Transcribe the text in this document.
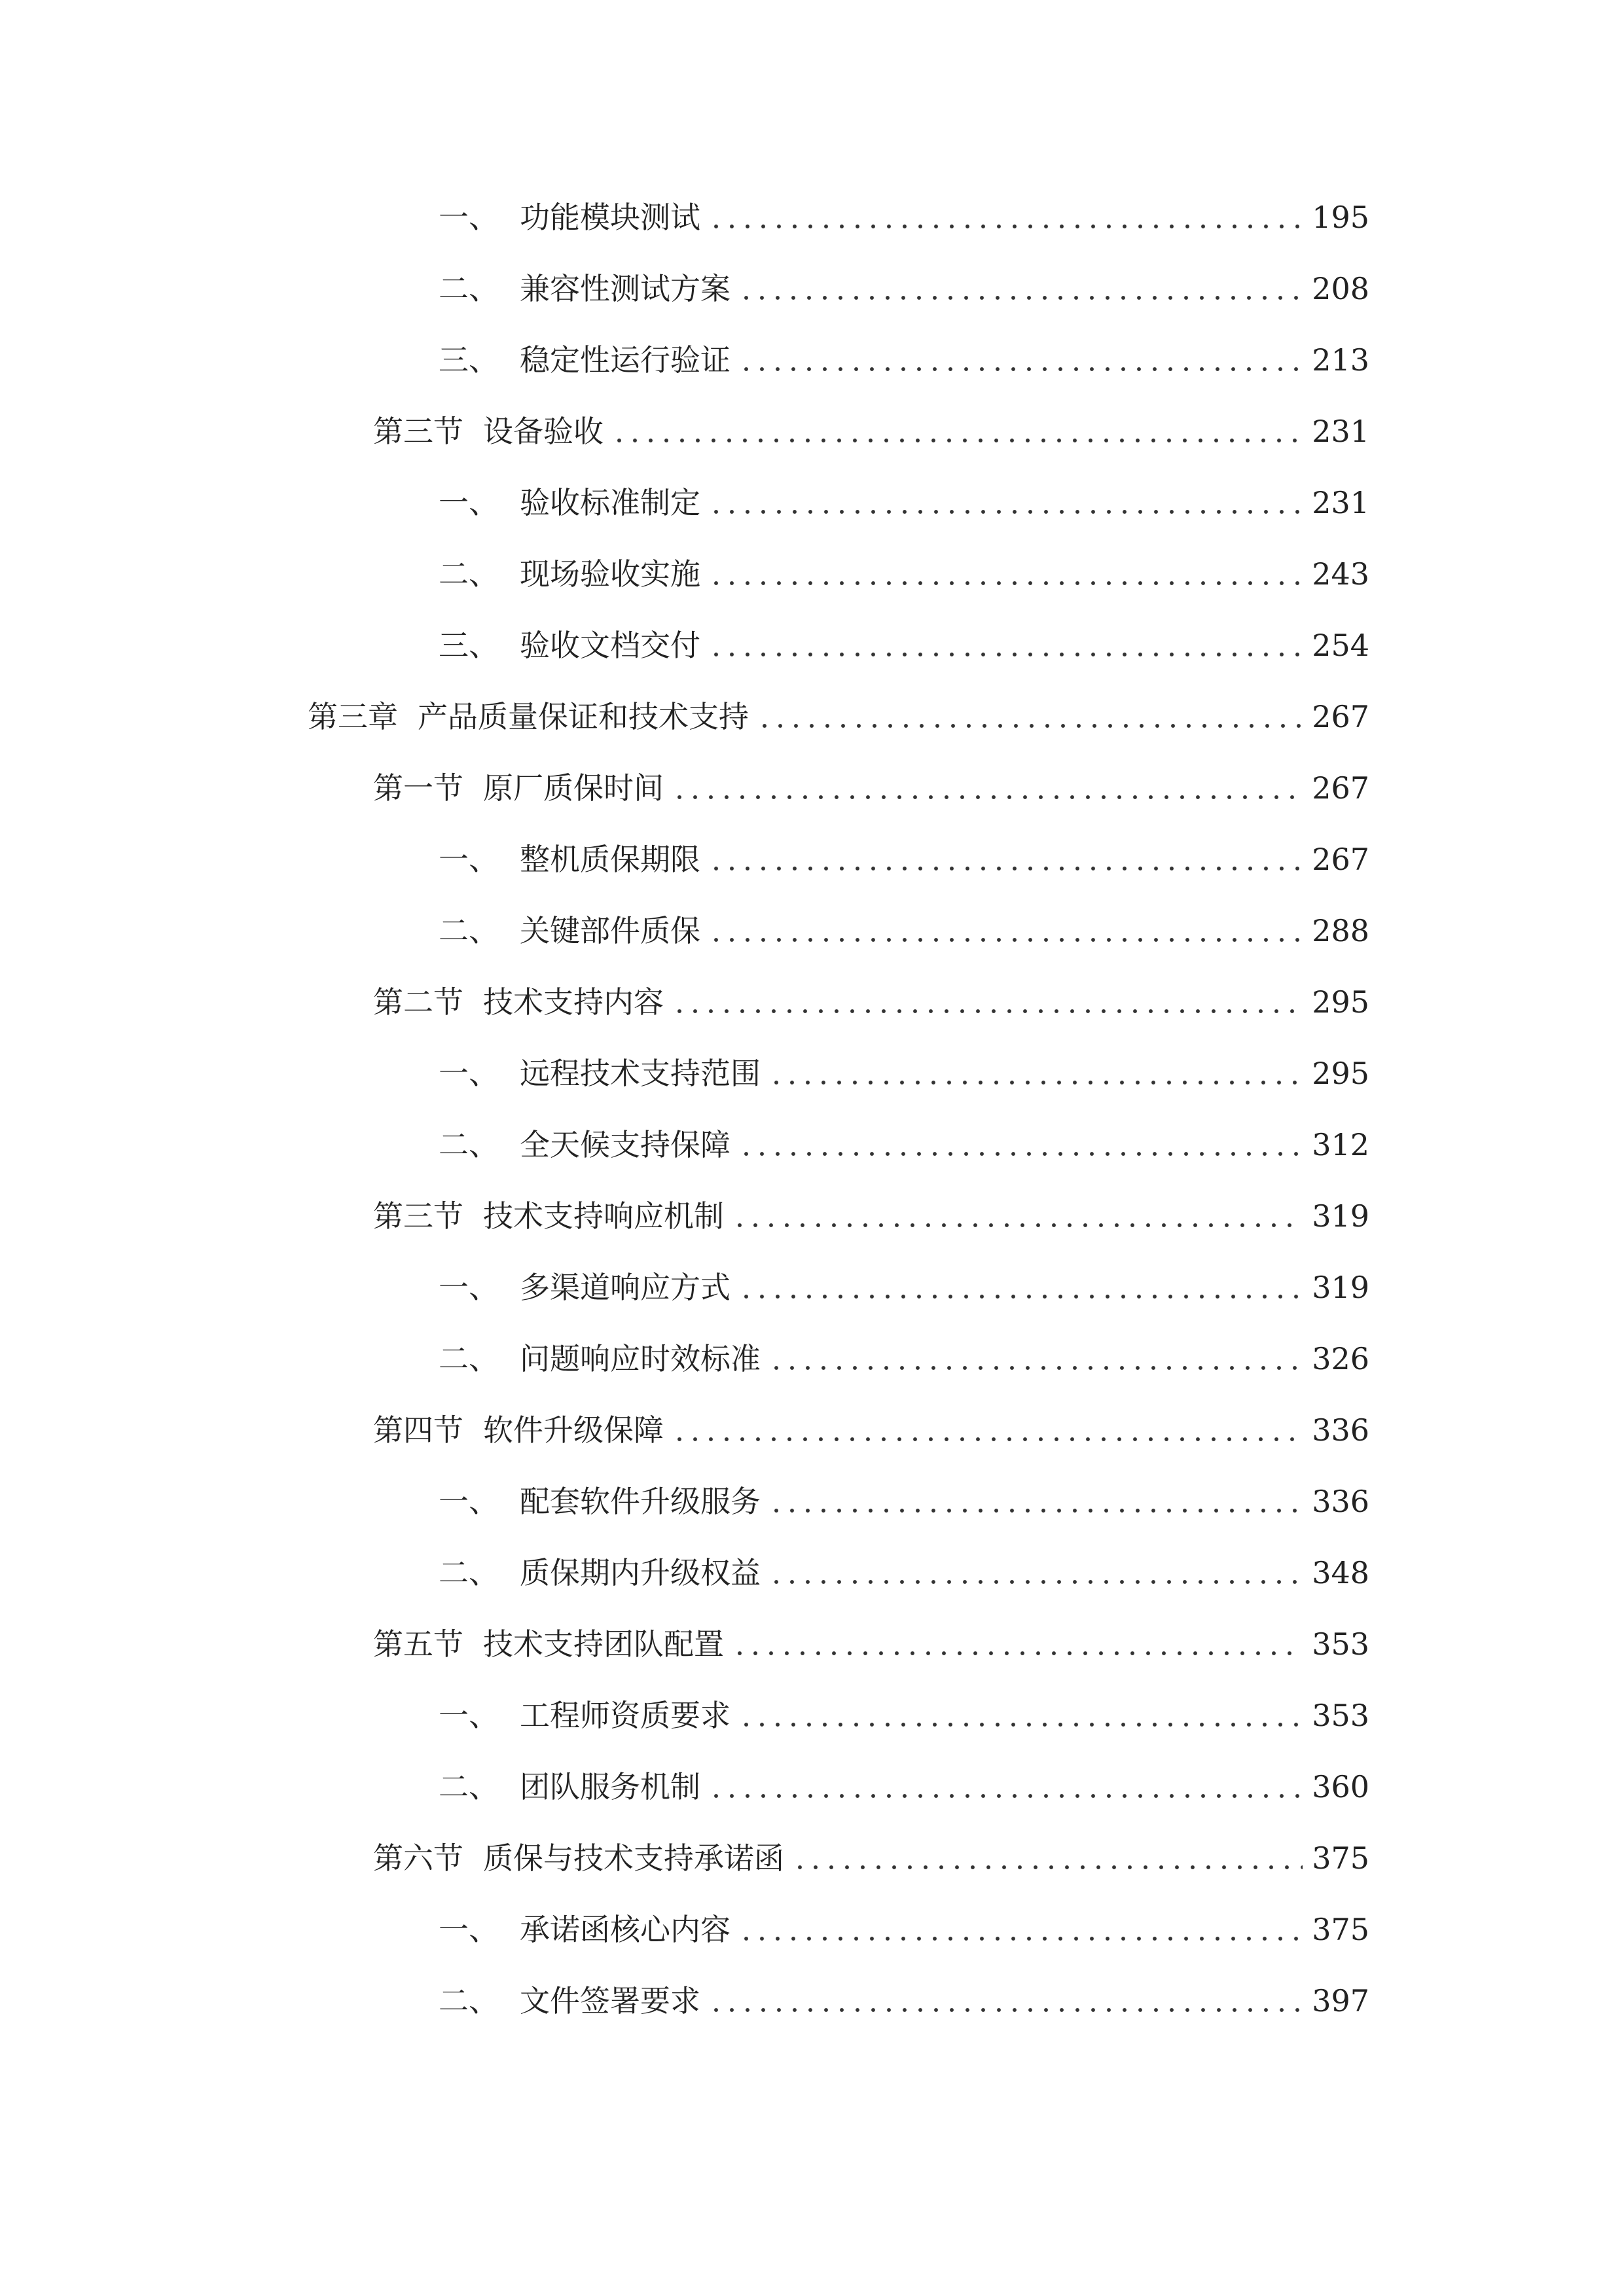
一、 功能模块测试	195
二、 兼容性测试方案	208
三、 稳定性运行验证	213
第三节 设备验收	231
一、 验收标准制定	231
二、 现场验收实施	243
三、 验收文档交付	254
第三章 产品质量保证和技术支持	267
第一节 原厂质保时间	267
一、 整机质保期限	267
二、 关键部件质保	288
第二节 技术支持内容	295
一、 远程技术支持范围	295
二、 全天候支持保障	312
第三节 技术支持响应机制	319
一、 多渠道响应方式	319
二、 问题响应时效标准	326
第四节 软件升级保障	336
一、 配套软件升级服务	336
二、 质保期内升级权益	348
第五节 技术支持团队配置	353
一、 工程师资质要求	353
二、 团队服务机制	360
第六节 质保与技术支持承诺函	375
一、 承诺函核心内容	375
二、 文件签署要求	397
